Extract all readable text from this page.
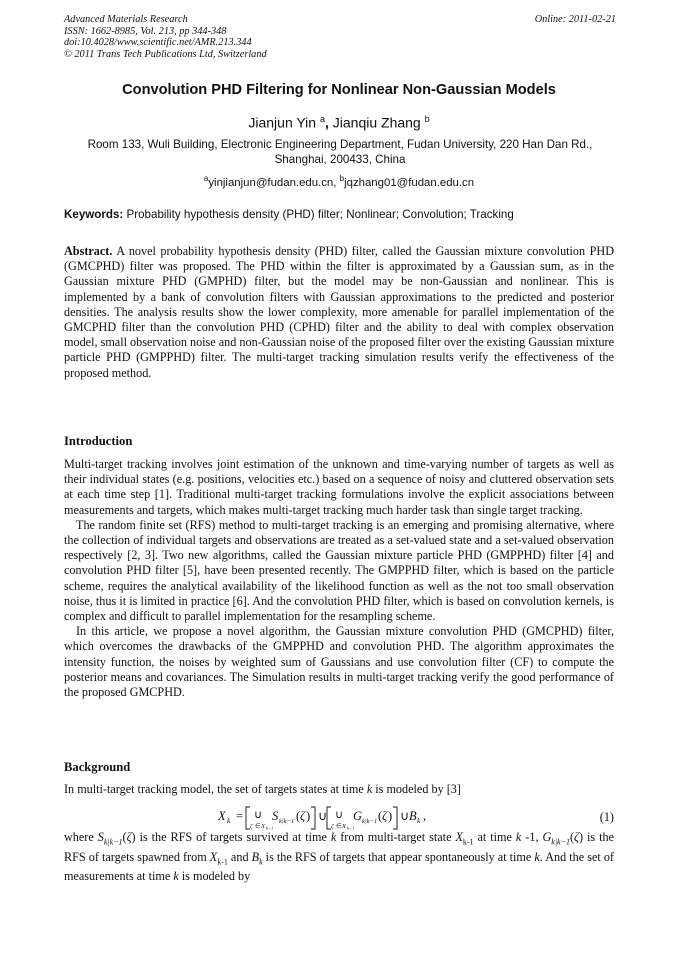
Advanced Materials Research
ISSN: 1662-8985, Vol. 213, pp 344-348
doi:10.4028/www.scientific.net/AMR.213.344
© 2011 Trans Tech Publications Ltd, Switzerland
Online: 2011-02-21
Convolution PHD Filtering for Nonlinear Non-Gaussian Models
Jianjun Yin $^a$, Jianqiu Zhang $^b$
Room 133, Wuli Building, Electronic Engineering Department, Fudan University, 220 Han Dan Rd., Shanghai, 200433, China
$^a$yinjianjun@fudan.edu.cn, $^b$jqzhang01@fudan.edu.cn
Keywords: Probability hypothesis density (PHD) filter; Nonlinear; Convolution; Tracking
Abstract. A novel probability hypothesis density (PHD) filter, called the Gaussian mixture convolution PHD (GMCPHD) filter was proposed. The PHD within the filter is approximated by a Gaussian sum, as in the Gaussian mixture PHD (GMPHD) filter, but the model may be non-Gaussian and nonlinear. This is implemented by a bank of convolution filters with Gaussian approximations to the predicted and posterior densities. The analysis results show the lower complexity, more amenable for parallel implementation of the GMCPHD filter than the convolution PHD (CPHD) filter and the ability to deal with complex observation model, small observation noise and non-Gaussian noise of the proposed filter over the existing Gaussian mixture particle PHD (GMPPHD) filter. The multi-target tracking simulation results verify the effectiveness of the proposed method.
Introduction

Multi-target tracking involves joint estimation of the unknown and time-varying number of targets as well as their individual states (e.g. positions, velocities etc.) based on a sequence of noisy and cluttered observation sets at each time step [1]. Traditional multi-target tracking formulations involve the explicit associations between measurements and targets, which makes multi-target tracking much harder task than single target tracking.

The random finite set (RFS) method to multi-target tracking is an emerging and promising alternative, where the collection of individual targets and observations are treated as a set-valued state and a set-valued observation respectively [2, 3]. Two new algorithms, called the Gaussian mixture particle PHD (GMPPHD) filter [4] and convolution PHD filter [5], have been presented recently. The GMPPHD filter, which is based on the particle scheme, requires the analytical availability of the likelihood function as well as the not too small observation noise, thus it is limited in practice [6]. And the convolution PHD filter, which is based on convolution kernels, is complex and difficult to parallel implementation for the resampling scheme.

In this article, we propose a novel algorithm, the Gaussian mixture convolution PHD (GMCPHD) filter, which overcomes the drawbacks of the GMPPHD and convolution PHD. The algorithm approximates the intensity function, the noises by weighted sum of Gaussians and use convolution filter (CF) to compute the posterior means and covariances. The Simulation results in multi-target tracking verify the good performance of the proposed GMCPHD.

Background
In multi-target tracking model, the set of targets states at time k is modeled by [3]
X k = ∪
ζ ∈ X k−1
S k|k−1 ( ζ ) ∪ ∪
ζ ∈ X k−1
G k|k−1 ( ζ ) ∪ B k ,	(1)
where $S_{k|k-1}(\zeta)$ is the RFS of targets survived at time k from multi-target state $X_{k-1}$ at time k -1, $G_{k|k-1}(\zeta)$ is the RFS of targets spawned from $X_{k-1}$ and $B_k$ is the RFS of targets that appear spontaneously at time k. And the set of measurements at time k is modeled by
